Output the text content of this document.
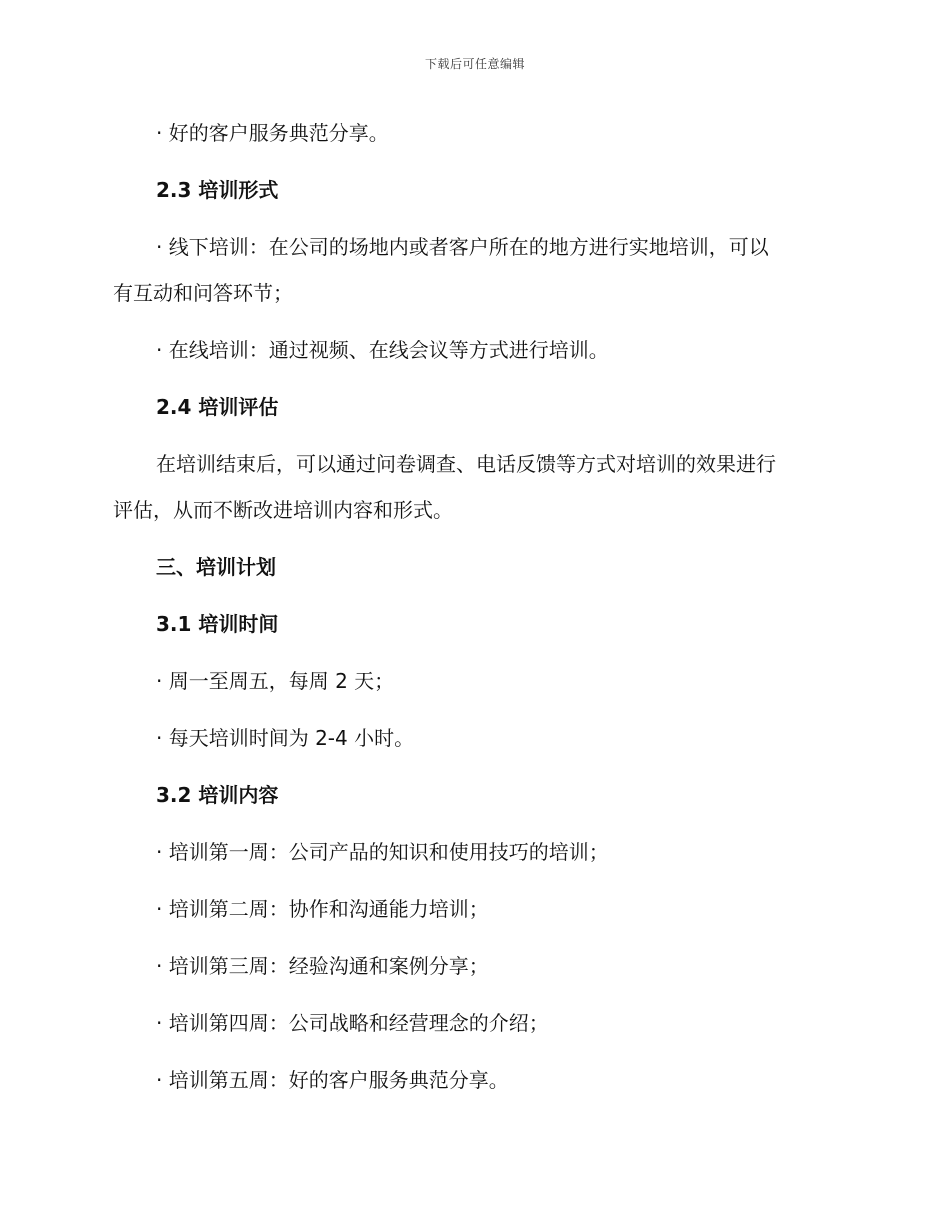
下载后可任意编辑
· 好的客户服务典范分享。
2.3 培训形式
· 线下培训：在公司的场地内或者客户所在的地方进行实地培训，可以
有互动和问答环节；
· 在线培训：通过视频、在线会议等方式进行培训。
2.4 培训评估
在培训结束后，可以通过问卷调查、电话反馈等方式对培训的效果进行
评估，从而不断改进培训内容和形式。
三、培训计划
3.1 培训时间
· 周一至周五，每周 2 天；
· 每天培训时间为 2-4 小时。
3.2 培训内容
· 培训第一周：公司产品的知识和使用技巧的培训；
· 培训第二周：协作和沟通能力培训；
· 培训第三周：经验沟通和案例分享；
· 培训第四周：公司战略和经营理念的介绍；
· 培训第五周：好的客户服务典范分享。
